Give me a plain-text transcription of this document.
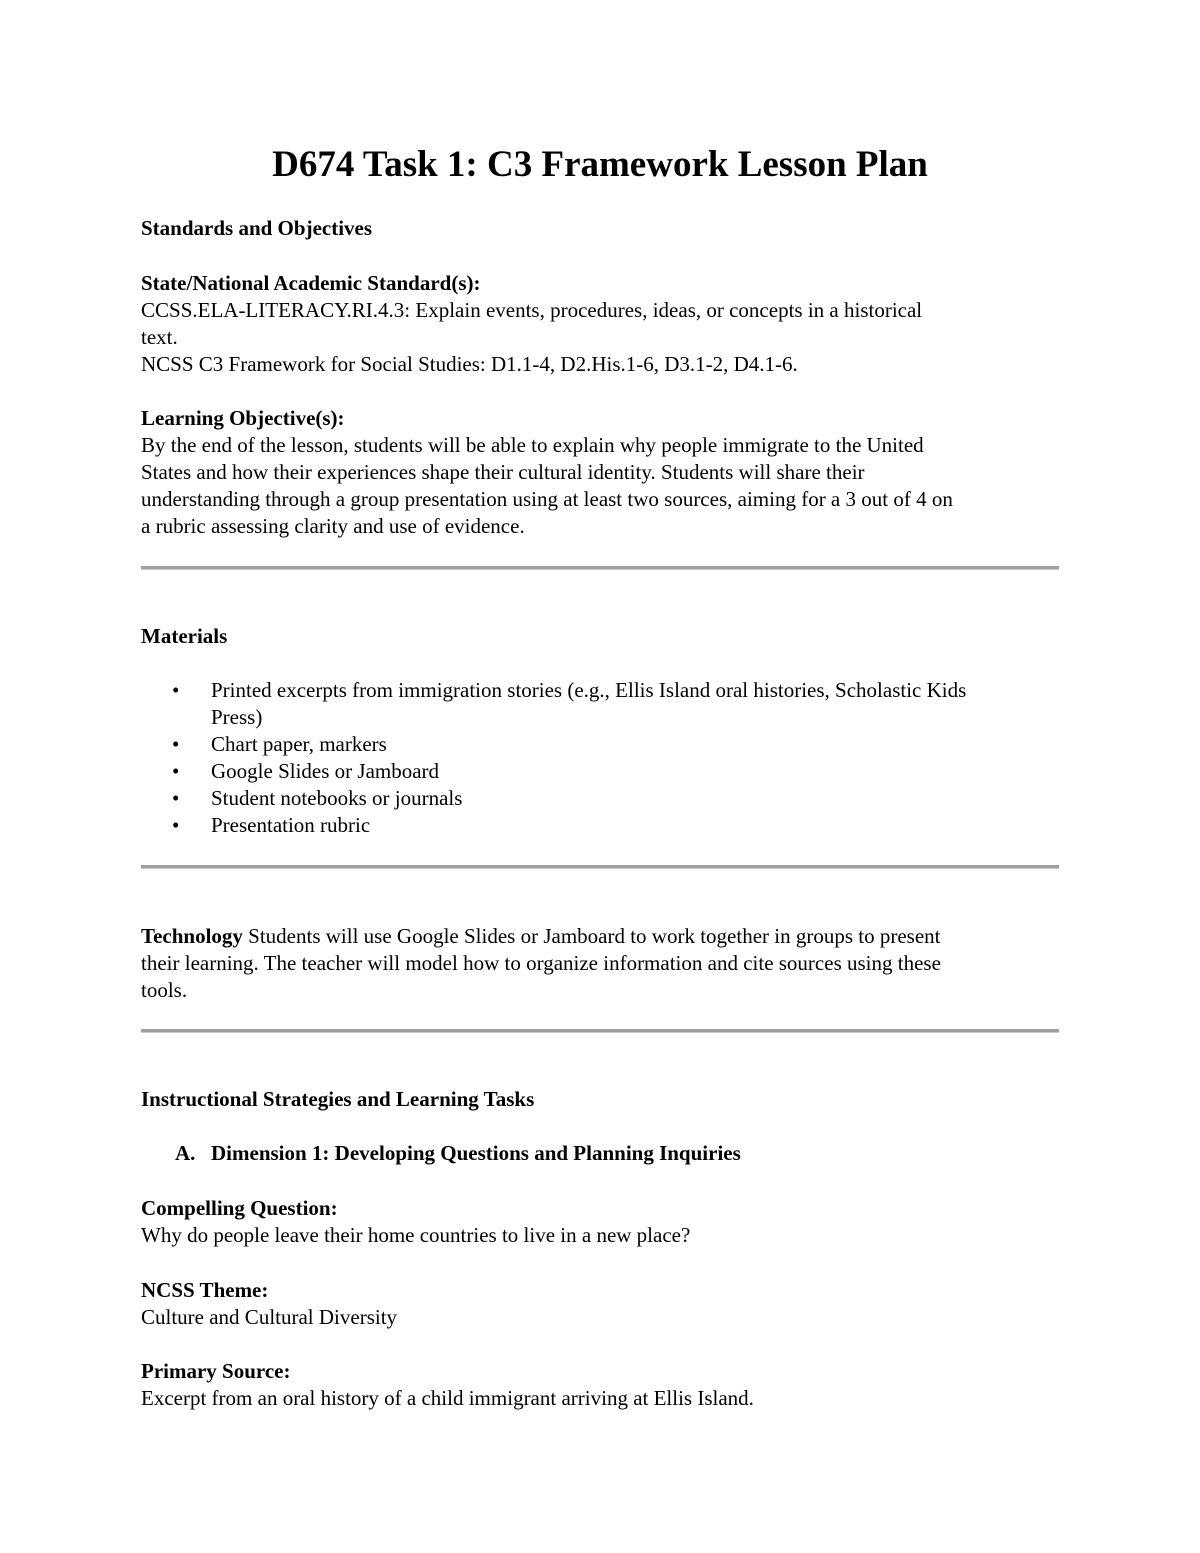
D674 Task 1: C3 Framework Lesson Plan
Standards and Objectives
State/National Academic Standard(s):
CCSS.ELA-LITERACY.RI.4.3: Explain events, procedures, ideas, or concepts in a historical
text.
NCSS C3 Framework for Social Studies: D1.1-4, D2.His.1-6, D3.1-2, D4.1-6.
Learning Objective(s):
By the end of the lesson, students will be able to explain why people immigrate to the United
States and how their experiences shape their cultural identity. Students will share their
understanding through a group presentation using at least two sources, aiming for a 3 out of 4 on
a rubric assessing clarity and use of evidence.
Materials
• Printed excerpts from immigration stories (e.g., Ellis Island oral histories, Scholastic Kids
Press)
• Chart paper, markers
• Google Slides or Jamboard
• Student notebooks or journals
• Presentation rubric
Technology Students will use Google Slides or Jamboard to work together in groups to present
their learning. The teacher will model how to organize information and cite sources using these
tools.
Instructional Strategies and Learning Tasks
A. Dimension 1: Developing Questions and Planning Inquiries
Compelling Question:
Why do people leave their home countries to live in a new place?
NCSS Theme:
Culture and Cultural Diversity
Primary Source:
Excerpt from an oral history of a child immigrant arriving at Ellis Island.
